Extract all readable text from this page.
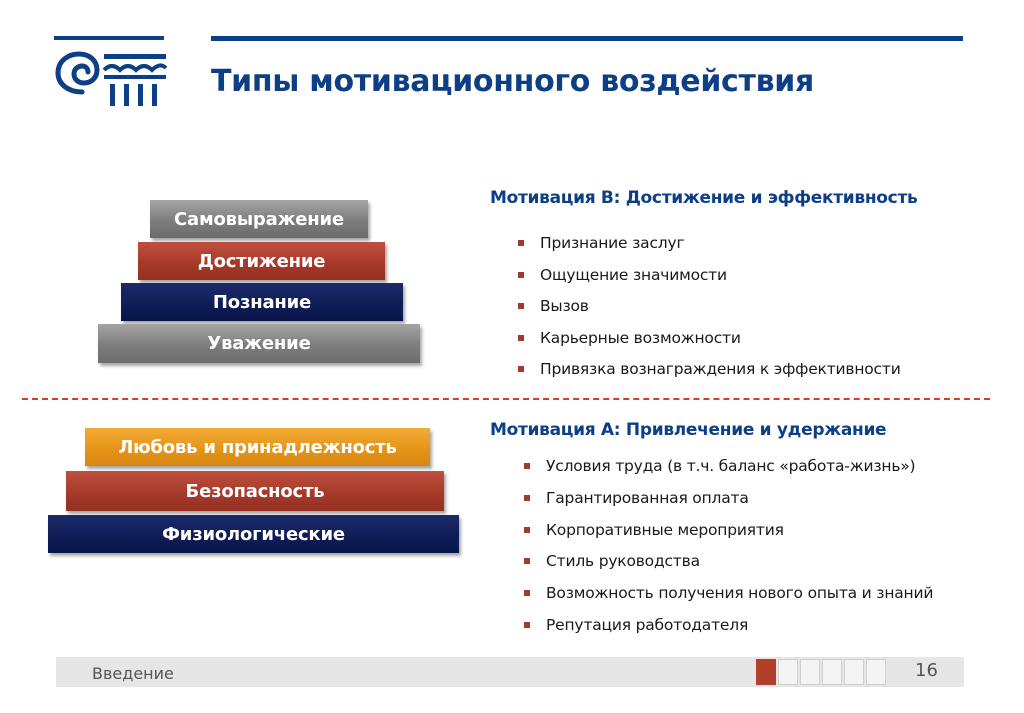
Типы мотивационного воздействия
Самовыражение
Достижение
Познание
Уважение
Мотивация В: Достижение и эффективность
Признание заслуг
Ощущение значимости
Вызов
Карьерные возможности
Привязка вознаграждения к эффективности
Любовь и принадлежность
Безопасность
Физиологические
Мотивация А: Привлечение и удержание
Условия труда (в т.ч. баланс «работа-жизнь»)
Гарантированная оплата
Корпоративные мероприятия
Стиль руководства
Возможность получения нового опыта и знаний
Репутация работодателя
Введение	16
